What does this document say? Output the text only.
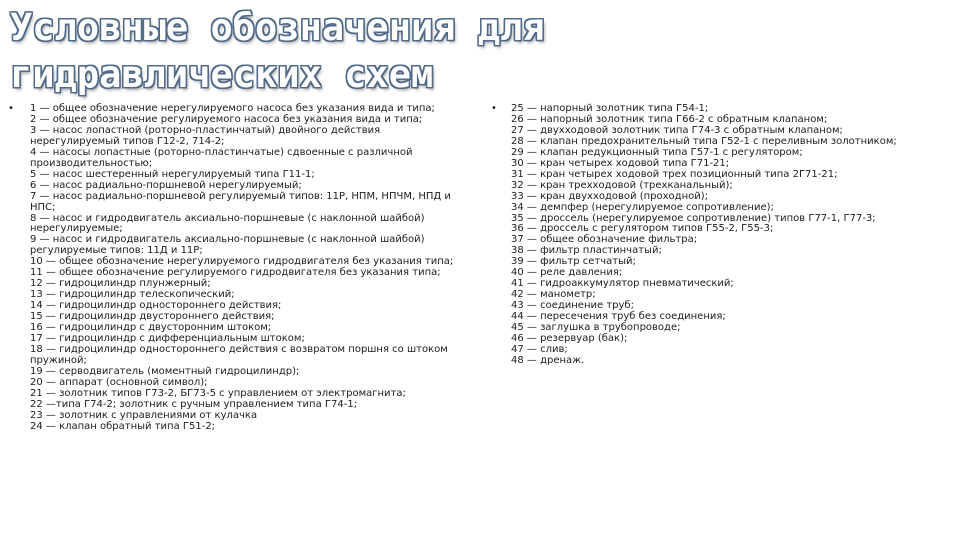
Условные обозначения для
гидравлических схем
• 1 — общее обозначение нерегулируемого насоса без указания вида и типа;
2 — общее обозначение регулируемого насоса без указания вида и типа;
3 — насос лопастной (роторно-пластинчатый) двойного действия нерегулируемый типов Г12-2, 714-2;
4 — насосы лопастные (роторно-пластинчатые) сдвоенные с различной производительностью;
5 — насос шестеренный нерегулируемый типа Г11-1;
6 — насос радиально-поршневой нерегулируемый;
7 — насос радиально-поршневой регулируемый типов: 11Р, НПМ, НПЧМ, НПД и НПС;
8 — насос и гидродвигатель аксиально-поршневые (с наклонной шайбой) нерегулируемые;
9 — насос и гидродвигатель аксиально-поршневые (с наклонной шайбой) регулируемые типов: 11Д и 11Р;
10 — общее обозначение нерегулируемого гидродвигателя без указания типа;
11 — общее обозначение регулируемого гидродвигателя без указания типа;
12 — гидроцилиндр плунжерный;
13 — гидроцилиндр телескопический;
14 — гидроцилиндр одностороннего действия;
15 — гидроцилиндр двустороннего действия;
16 — гидроцилиндр с двусторонним штоком;
17 — гидроцилиндр с дифференциальным штоком;
18 — гидроцилиндр одностороннего действия с возвратом поршня со штоком пружиной;
19 — серводвигатель (моментный гидроцилиндр);
20 — аппарат (основной символ);
21 — золотник типов Г73-2, БГ73-5 с управлением от электромагнита;
22 —типа Г74-2; золотник с ручным управлением типа Г74-1;
23 — золотник с управлениями от кулачка
24 — клапан обратный типа Г51-2;
• 25 — напорный золотник типа Г54-1;
26 — напорный золотник типа Г66-2 с обратным клапаном;
27 — двухходовой золотник типа Г74-3 с обратным клапаном;
28 — клапан предохранительный типа Г52-1 с переливным золотником;
29 — клапан редукционный типа Г57-1 с регулятором;
30 — кран четырех ходовой типа Г71-21;
31 — кран четырех ходовой трех позиционный типа 2Г71-21;
32 — кран трехходовой (трехканальный);
33 — кран двухходовой (проходной);
34 — демпфер (нерегулируемое сопротивление);
35 — дроссель (нерегулируемое сопротивление) типов Г77-1, Г77-3;
36 — дроссель с регулятором типов Г55-2, Г55-3;
37 — общее обозначение фильтра;
38 — фильтр пластинчатый;
39 — фильтр сетчатый;
40 — реле давления;
41 — гидроаккумулятор пневматический;
42 — манометр;
43 — соединение труб;
44 — пересечения труб без соединения;
45 — заглушка в трубопроводе;
46 — резервуар (бак);
47 — слив;
48 — дренаж.
